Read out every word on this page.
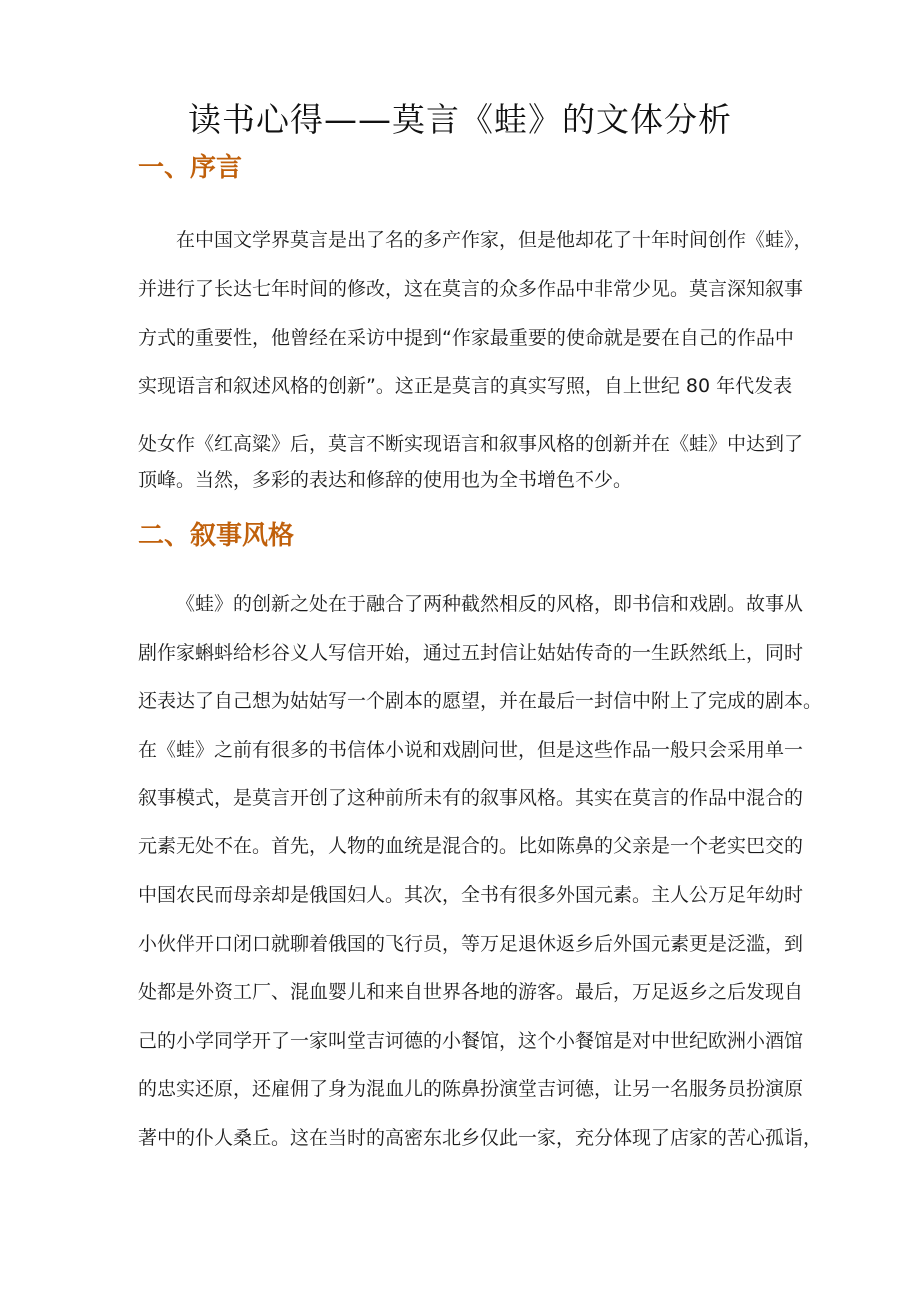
读书心得——莫言《蛙》的文体分析
一、序言

在中国文学界莫言是出了名的多产作家，但是他却花了十年时间创作《蛙》，

并进行了长达七年时间的修改，这在莫言的众多作品中非常少见。莫言深知叙事

方式的重要性，他曾经在采访中提到“作家最重要的使命就是要在自己的作品中

实现语言和叙述风格的创新”。这正是莫言的真实写照，自上世纪 80 年代发表

处女作《红高粱》后，莫言不断实现语言和叙事风格的创新并在《蛙》中达到了

顶峰。当然，多彩的表达和修辞的使用也为全书增色不少。

二、叙事风格

《蛙》的创新之处在于融合了两种截然相反的风格，即书信和戏剧。故事从

剧作家蝌蚪给杉谷义人写信开始，通过五封信让姑姑传奇的一生跃然纸上，同时

还表达了自己想为姑姑写一个剧本的愿望，并在最后一封信中附上了完成的剧本。

在《蛙》之前有很多的书信体小说和戏剧问世，但是这些作品一般只会采用单一

叙事模式，是莫言开创了这种前所未有的叙事风格。其实在莫言的作品中混合的

元素无处不在。首先，人物的血统是混合的。比如陈鼻的父亲是一个老实巴交的

中国农民而母亲却是俄国妇人。其次，全书有很多外国元素。主人公万足年幼时

小伙伴开口闭口就聊着俄国的飞行员，等万足退休返乡后外国元素更是泛滥，到

处都是外资工厂、混血婴儿和来自世界各地的游客。最后，万足返乡之后发现自

己的小学同学开了一家叫堂吉诃德的小餐馆，这个小餐馆是对中世纪欧洲小酒馆

的忠实还原，还雇佣了身为混血儿的陈鼻扮演堂吉诃德，让另一名服务员扮演原

著中的仆人桑丘。这在当时的高密东北乡仅此一家，充分体现了店家的苦心孤诣，
